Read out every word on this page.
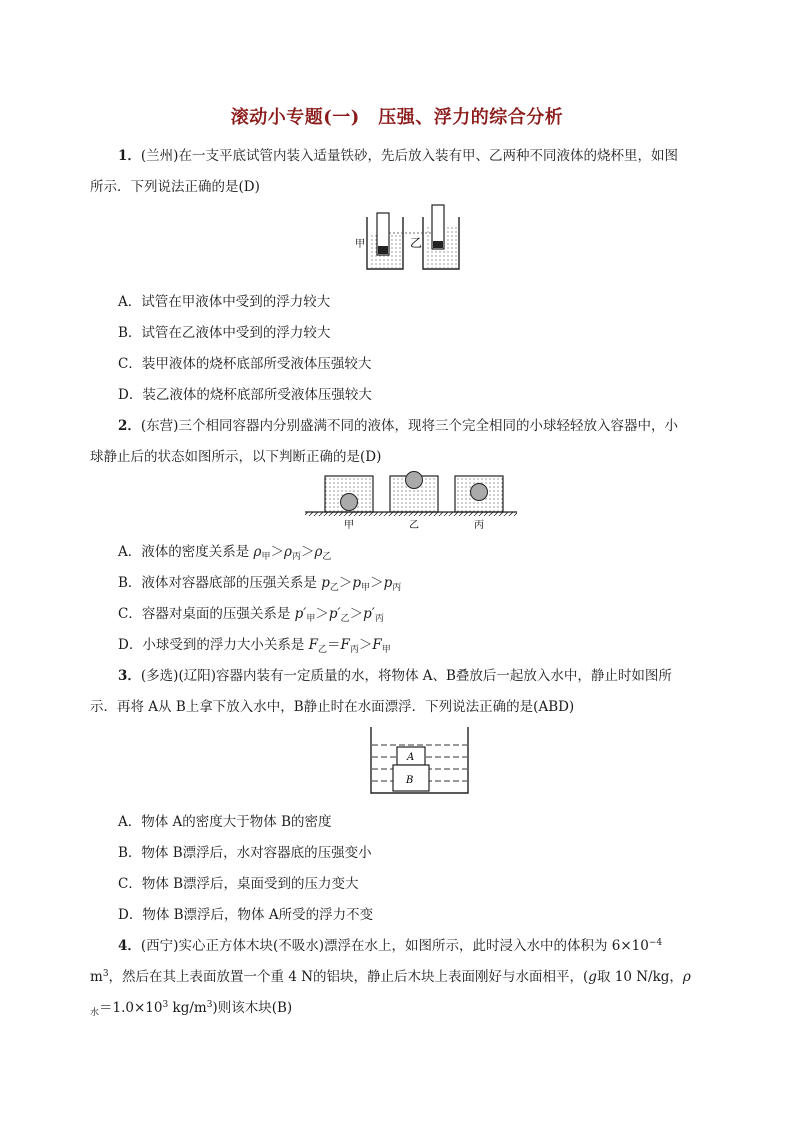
滚动小专题(一)　压强、浮力的综合分析
1．(兰州)在一支平底试管内装入适量铁砂，先后放入装有甲、乙两种不同液体的烧杯里，如图
所示．下列说法正确的是(D)
甲	乙
A．试管在甲液体中受到的浮力较大
B．试管在乙液体中受到的浮力较大
C．装甲液体的烧杯底部所受液体压强较大
D．装乙液体的烧杯底部所受液体压强较大
2．(东营)三个相同容器内分别盛满不同的液体，现将三个完全相同的小球轻轻放入容器中，小
球静止后的状态如图所示，以下判断正确的是(D)
甲	乙	丙
A．液体的密度关系是 $\rho_甲>\rho_丙>\rho_乙$
B．液体对容器底部的压强关系是 $p_乙>p_甲>p_丙$
C．容器对桌面的压强关系是 $p'_甲>p'_乙>p'_丙$
D．小球受到的浮力大小关系是 $F_乙=F_丙>F_甲$
3．(多选)(辽阳)容器内装有一定质量的水，将物体 A、B叠放后一起放入水中，静止时如图所
示．再将 A从 B上拿下放入水中，B静止时在水面漂浮．下列说法正确的是(ABD)
A
B
A．物体 A的密度大于物体 B的密度
B．物体 B漂浮后，水对容器底的压强变小
C．物体 B漂浮后，桌面受到的压力变大
D．物体 B漂浮后，物体 A所受的浮力不变
4．(西宁)实心正方体木块(不吸水)漂浮在水上，如图所示，此时浸入水中的体积为 $6\times 10^{-4}$
$m^3$，然后在其上表面放置一个重 4 N的铝块，静止后木块上表面刚好与水面相平，(g取 10 N/kg，ρ
$_水=1.0\times 10^3$ $kg/m^3$)则该木块(B)
